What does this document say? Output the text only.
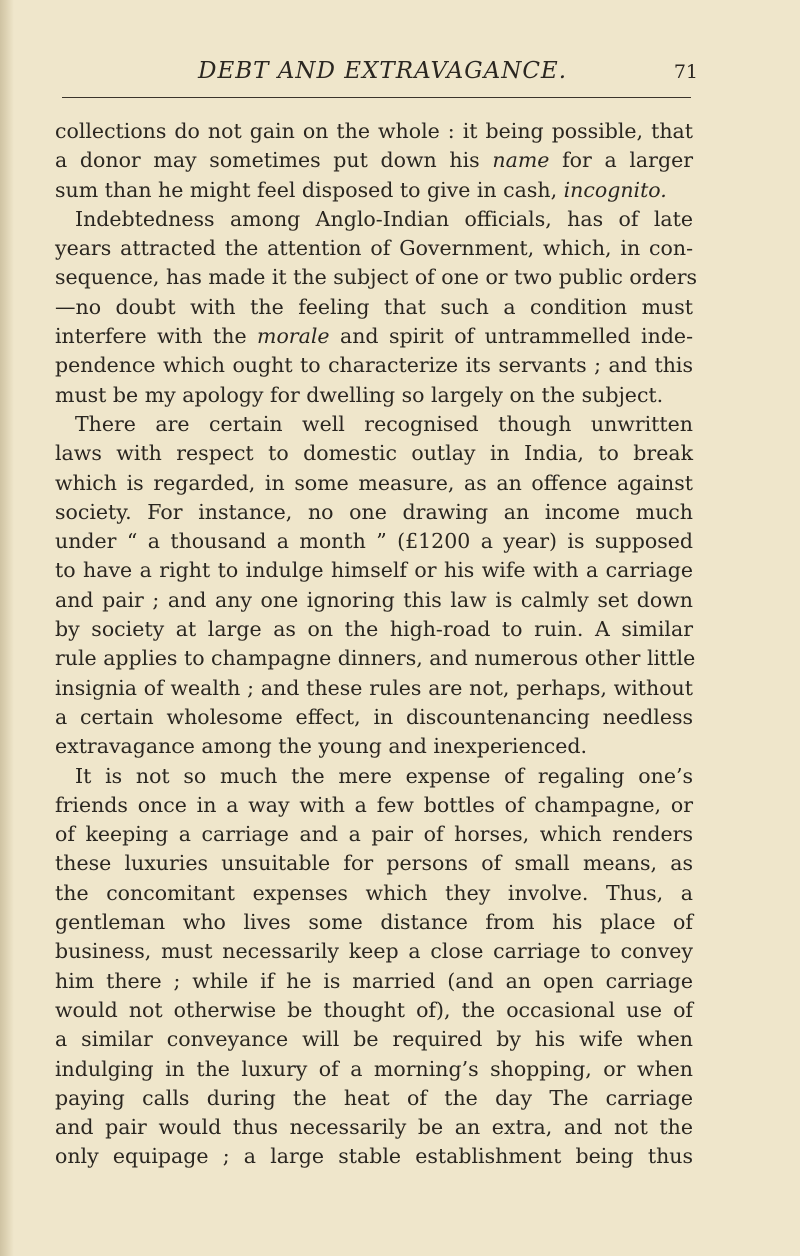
DEBT AND EXTRAVAGANCE.	71
collections do not gain on the whole : it being possible, that
a donor may sometimes put down his name for a larger
sum than he might feel disposed to give in cash, incognito.
Indebtedness among Anglo-Indian officials, has of late
years attracted the attention of Government, which, in con-
sequence, has made it the subject of one or two public orders
—no doubt with the feeling that such a condition must
interfere with the morale and spirit of untrammelled inde-
pendence which ought to characterize its servants ; and this
must be my apology for dwelling so largely on the subject.
There are certain well recognised though unwritten
laws with respect to domestic outlay in India, to break
which is regarded, in some measure, as an offence against
society. For instance, no one drawing an income much
under “ a thousand a month ” (£1200 a year) is supposed
to have a right to indulge himself or his wife with a carriage
and pair ; and any one ignoring this law is calmly set down
by society at large as on the high-road to ruin. A similar
rule applies to champagne dinners, and numerous other little
insignia of wealth ; and these rules are not, perhaps, without
a certain wholesome effect, in discountenancing needless
extravagance among the young and inexperienced.
It is not so much the mere expense of regaling one’s
friends once in a way with a few bottles of champagne, or
of keeping a carriage and a pair of horses, which renders
these luxuries unsuitable for persons of small means, as
the concomitant expenses which they involve. Thus, a
gentleman who lives some distance from his place of
business, must necessarily keep a close carriage to convey
him there ; while if he is married (and an open carriage
would not otherwise be thought of), the occasional use of
a similar conveyance will be required by his wife when
indulging in the luxury of a morning’s shopping, or when
paying calls during the heat of the day The carriage
and pair would thus necessarily be an extra, and not the
only equipage ; a large stable establishment being thus
